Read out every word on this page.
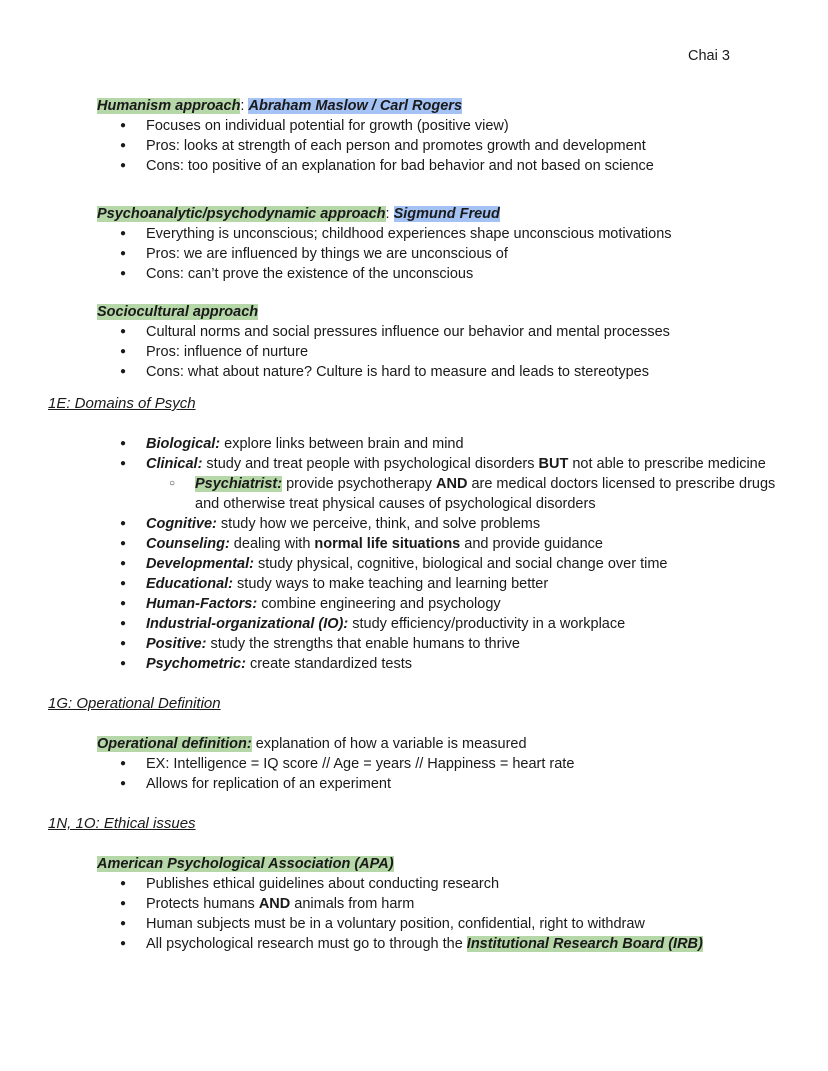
Chai 3

Humanism approach: Abraham Maslow / Carl Rogers

● Focuses on individual potential for growth (positive view)
● Pros: looks at strength of each person and promotes growth and development
● Cons: too positive of an explanation for bad behavior and not based on science

Psychoanalytic/psychodynamic approach: Sigmund Freud

● Everything is unconscious; childhood experiences shape unconscious motivations
● Pros: we are influenced by things we are unconscious of
● Cons: can’t prove the existence of the unconscious

Sociocultural approach

● Cultural norms and social pressures influence our behavior and mental processes
● Pros: influence of nurture
● Cons: what about nature? Culture is hard to measure and leads to stereotypes

1E: Domains of Psych

● Biological: explore links between brain and mind
● Clinical: study and treat people with psychological disorders BUT not able to prescribe medicine
○ Psychiatrist: provide psychotherapy AND are medical doctors licensed to prescribe drugs and otherwise treat physical causes of psychological disorders
● Cognitive: study how we perceive, think, and solve problems
● Counseling: dealing with normal life situations and provide guidance
● Developmental: study physical, cognitive, biological and social change over time
● Educational: study ways to make teaching and learning better
● Human-Factors: combine engineering and psychology
● Industrial-organizational (IO): study efficiency/productivity in a workplace
● Positive: study the strengths that enable humans to thrive
● Psychometric: create standardized tests

1G: Operational Definition

Operational definition: explanation of how a variable is measured

● EX: Intelligence = IQ score // Age = years // Happiness = heart rate
● Allows for replication of an experiment

1N, 1O: Ethical issues

American Psychological Association (APA)

● Publishes ethical guidelines about conducting research
● Protects humans AND animals from harm
● Human subjects must be in a voluntary position, confidential, right to withdraw
● All psychological research must go to through the Institutional Research Board (IRB)
